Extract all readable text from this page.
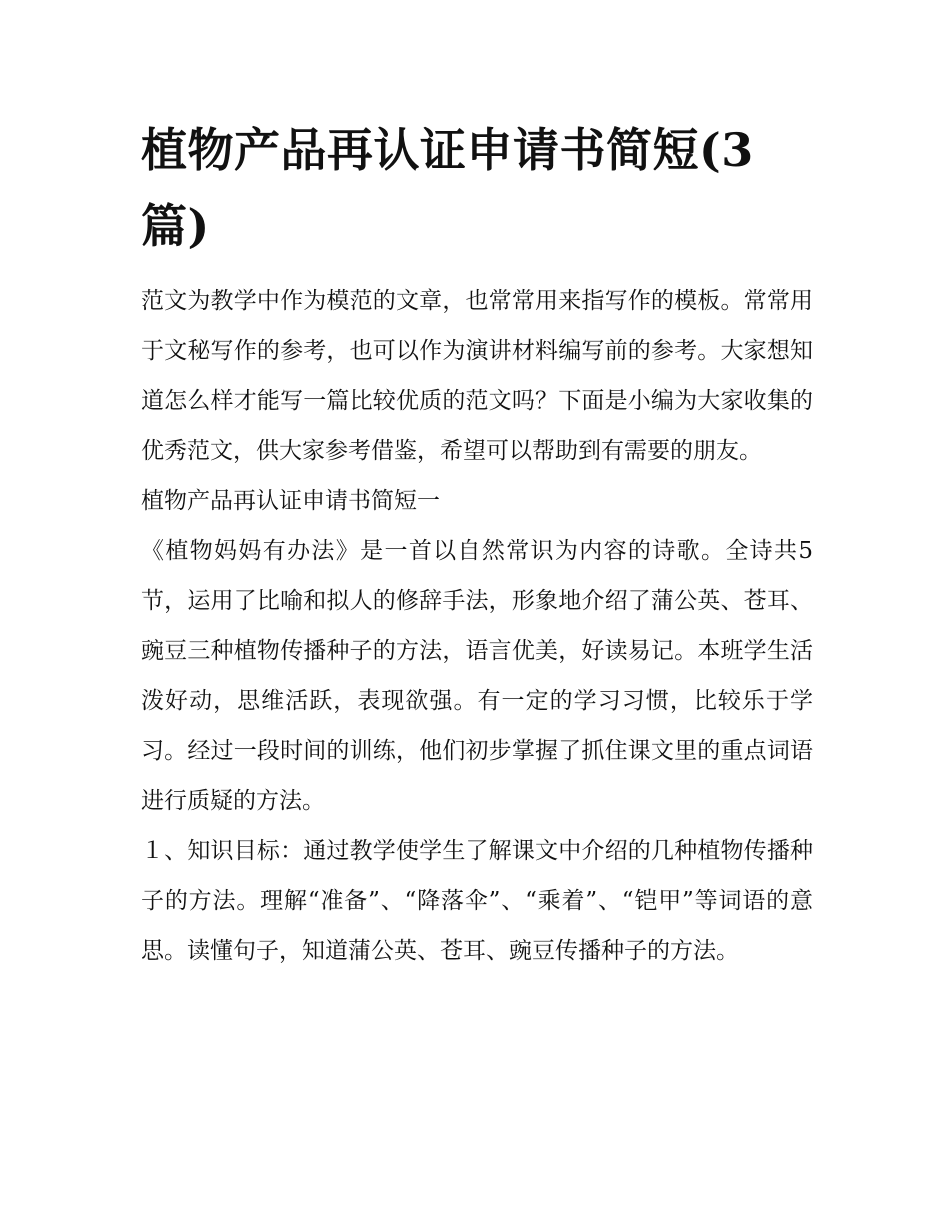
植物产品再认证申请书简短(3篇)

范文为教学中作为模范的文章，也常常用来指写作的模板。常常用于文秘写作的参考，也可以作为演讲材料编写前的参考。大家想知道怎么样才能写一篇比较优质的范文吗？下面是小编为大家收集的优秀范文，供大家参考借鉴，希望可以帮助到有需要的朋友。

植物产品再认证申请书简短一

《植物妈妈有办法》是一首以自然常识为内容的诗歌。全诗共5节，运用了比喻和拟人的修辞手法，形象地介绍了蒲公英、苍耳、豌豆三种植物传播种子的方法，语言优美，好读易记。本班学生活泼好动，思维活跃，表现欲强。有一定的学习习惯，比较乐于学习。经过一段时间的训练，他们初步掌握了抓住课文里的重点词语进行质疑的方法。

１、知识目标：通过教学使学生了解课文中介绍的几种植物传播种子的方法。理解“准备”、“降落伞”、“乘着”、“铠甲”等词语的意思。读懂句子，知道蒲公英、苍耳、豌豆传播种子的方法。
